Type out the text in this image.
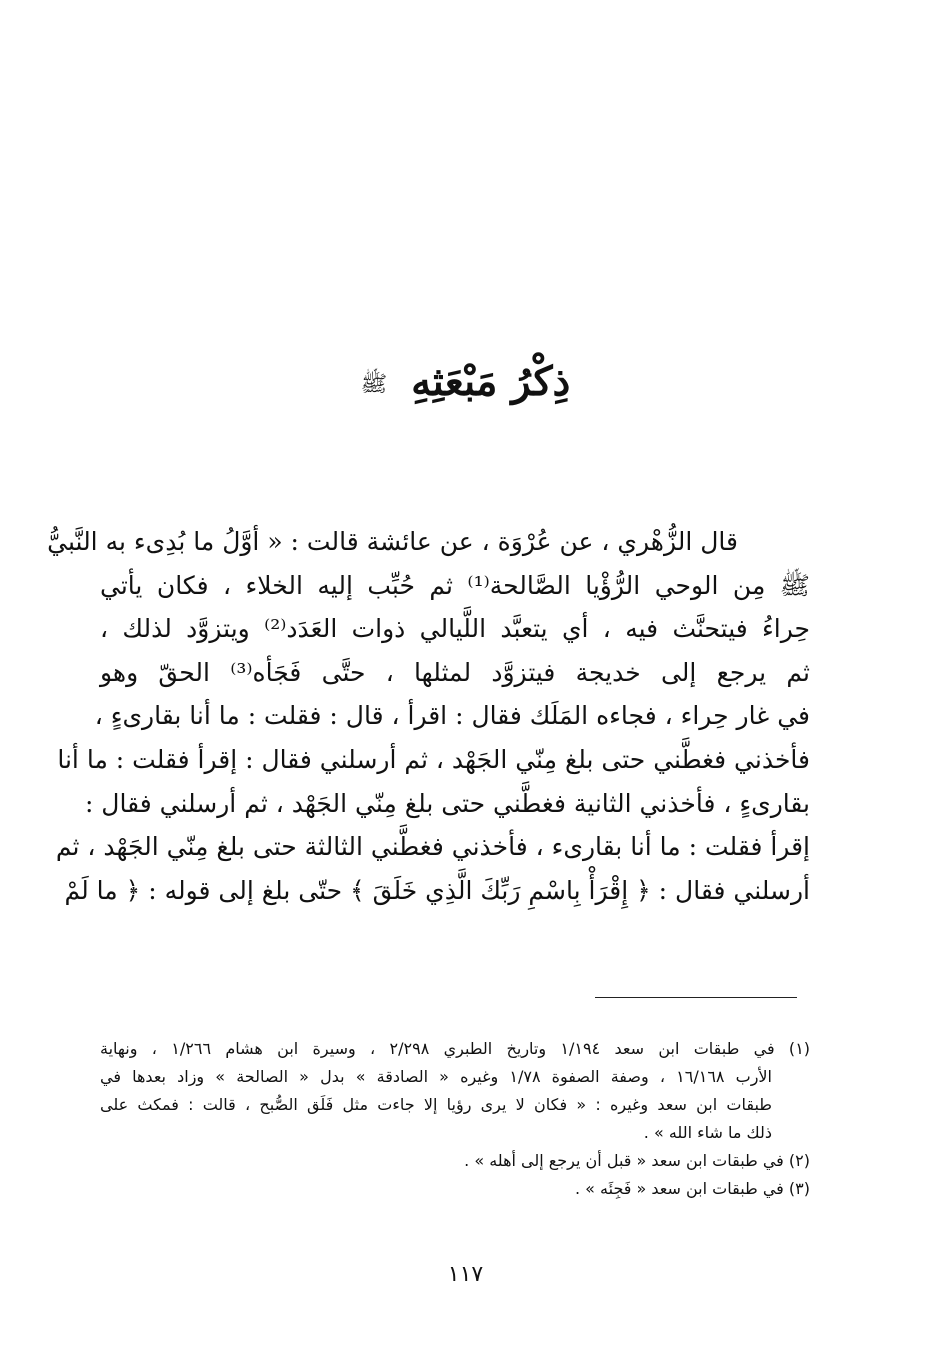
ذِكْرُ مَبْعَثِهِ ﷺ
قال الزُّهْري ، عن عُرْوَة ، عن عائشة قالت : « أوَّلُ ما بُدِىء به النَّبيُّ
ﷺ مِن الوحي الرُّؤْيا الصَّالحة⁽¹⁾ ثم حُبِّب إليه الخلاء ، فكان يأتي
حِراءُ فيتحنَّث فيه ، أي يتعبَّد اللَّيالي ذوات العَدَد⁽²⁾ ويتزوَّد لذلك ،
ثم يرجع إلى خديجة فيتزوَّد لمثلها ، حتَّى فَجَأه⁽³⁾ الحقّ وهو
في غار حِراء ، فجاءه المَلَك فقال : اقرأ ، قال : فقلت : ما أنا بقارىءٍ ،
فأخذني فغطَّني حتى بلغ مِنّي الجَهْد ، ثم أرسلني فقال : إقرأ فقلت : ما أنا
بقارىءٍ ، فأخذني الثانية فغطَّني حتى بلغ مِنّي الجَهْد ، ثم أرسلني فقال :
إقرأ فقلت : ما أنا بقارىء ، فأخذني فغطَّني الثالثة حتى بلغ مِنّي الجَهْد ، ثم
أرسلني فقال : ﴿ إِقْرَأْ بِاسْمِ رَبِّكَ الَّذِي خَلَقَ ﴾ حتّى بلغ إلى قوله : ﴿ ما لَمْ
(١) في طبقات ابن سعد ١/١٩٤ وتاريخ الطبري ٢/٢٩٨ ، وسيرة ابن هشام ١/٢٦٦ ، ونهاية
الأرب ١٦/١٦٨ ، وصفة الصفوة ١/٧٨ وغيره « الصادقة » بدل « الصالحة » وزاد بعدها في
طبقات ابن سعد وغيره : « فكان لا يرى رؤيا إلا جاءت مثل فَلَق الصُّبح ، قالت : فمكث على
ذلك ما شاء الله » .
(٢) في طبقات ابن سعد « قبل أن يرجع إلى أهله » .
(٣) في طبقات ابن سعد « فَجِئَه » .
١١٧
